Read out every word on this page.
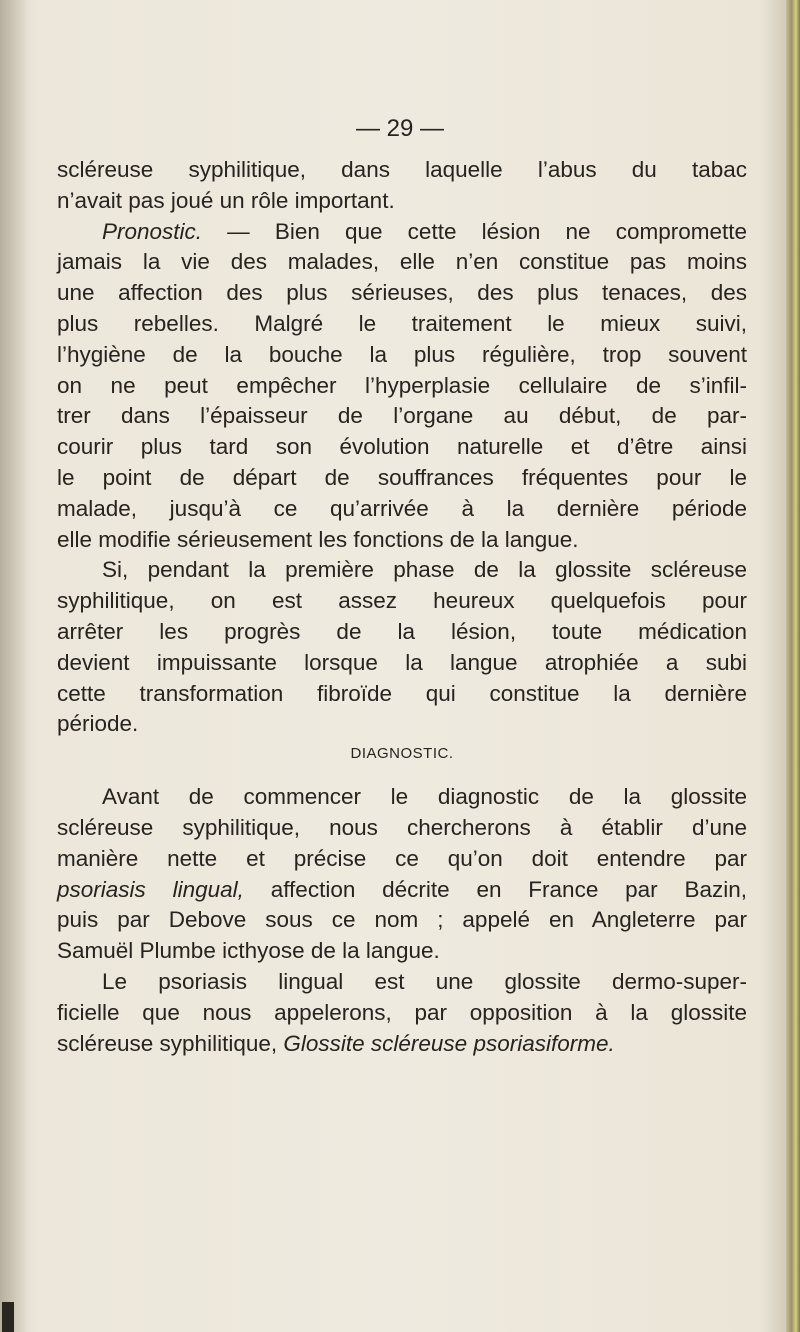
— 29 —
scléreuse syphilitique, dans laquelle l’abus du tabac
n’avait pas joué un rôle important.
Pronostic. — Bien que cette lésion ne compromette
jamais la vie des malades, elle n’en constitue pas moins
une affection des plus sérieuses, des plus tenaces, des
plus rebelles. Malgré le traitement le mieux suivi,
l’hygiène de la bouche la plus régulière, trop souvent
on ne peut empêcher l’hyperplasie cellulaire de s’infil-
trer dans l’épaisseur de l’organe au début, de par-
courir plus tard son évolution naturelle et d’être ainsi
le point de départ de souffrances fréquentes pour le
malade, jusqu’à ce qu’arrivée à la dernière période
elle modifie sérieusement les fonctions de la langue.
Si, pendant la première phase de la glossite scléreuse
syphilitique, on est assez heureux quelquefois pour
arrêter les progrès de la lésion, toute médication
devient impuissante lorsque la langue atrophiée a subi
cette transformation fibroïde qui constitue la dernière
période.
DIAGNOSTIC.
Avant de commencer le diagnostic de la glossite
scléreuse syphilitique, nous chercherons à établir d’une
manière nette et précise ce qu’on doit entendre par
psoriasis lingual, affection décrite en France par Bazin,
puis par Debove sous ce nom ; appelé en Angleterre par
Samuël Plumbe icthyose de la langue.
Le psoriasis lingual est une glossite dermo-super-
ficielle que nous appelerons, par opposition à la glossite
scléreuse syphilitique, Glossite scléreuse psoriasiforme.
